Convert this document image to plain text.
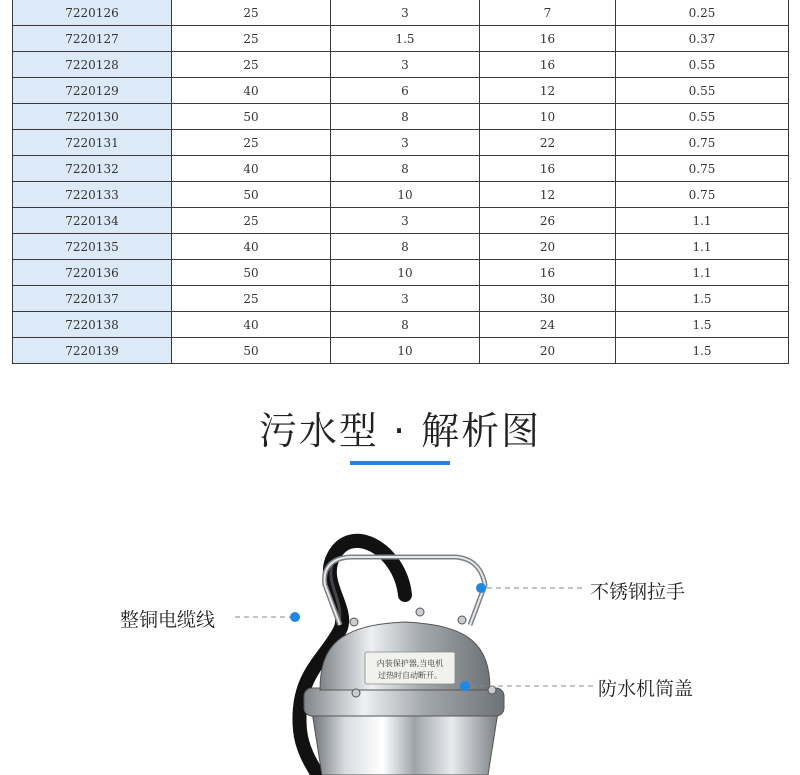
7220126	25	3	7	0.25
7220127	25	1.5	16	0.37
7220128	25	3	16	0.55
7220129	40	6	12	0.55
7220130	50	8	10	0.55
7220131	25	3	22	0.75
7220132	40	8	16	0.75
7220133	50	10	12	0.75
7220134	25	3	26	1.1
7220135	40	8	20	1.1
7220136	50	10	16	1.1
7220137	25	3	30	1.5
7220138	40	8	24	1.5
7220139	50	10	20	1.5
污水型 · 解析图
内装保护器,当电机
过热时自动断开。
整铜电缆线
不锈钢拉手
防水机筒盖
